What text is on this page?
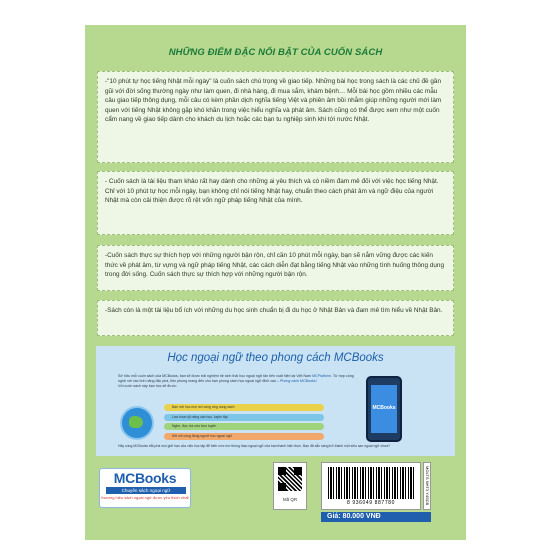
NHỮNG ĐIỂM ĐẶC NỔI BẬT CỦA CUỐN SÁCH

-"10 phút tự học tiếng Nhật mỗi ngày" là cuốn sách chú trọng về giao tiếp. Những bài học trong sách là các chủ đề gần gũi với đời sống thường ngày như làm quen, đi nhà hàng, đi mua sắm, khám bệnh… Mỗi bài học gồm nhiều các mẫu câu giao tiếp thông dụng, mỗi câu có kèm phần dịch nghĩa tiếng Việt và phiên âm bồi nhằm giúp những người mới làm quen với tiếng Nhật không gặp khó khăn trong việc hiểu nghĩa và phát âm. Sách cũng có thể được xem như một cuốn cẩm nang về giao tiếp dành cho khách du lịch hoặc các bạn tu nghiệp sinh khi tới nước Nhật.

- Cuốn sách là tài liệu tham khảo rất hay dành cho những ai yêu thích và có niềm đam mê đối với việc học tiếng Nhật. Chỉ với 10 phút tự học mỗi ngày, bạn không chỉ nói tiếng Nhật hay, chuẩn theo cách phát âm và ngữ điệu của người Nhật mà còn cải thiện được rõ rệt vốn ngữ pháp tiếng Nhật của mình.

-Cuốn sách thực sự thích hợp với những người bận rộn, chỉ cần 10 phút mỗi ngày, bạn sẽ nắm vững được các kiến thức về phát âm, từ vựng và ngữ pháp tiếng Nhật, các cách diễn đạt bằng tiếng Nhật vào những tình huống thông dụng trong đời sống. Cuốn sách thực sự thích hợp với những người bận rộn.

-Sách còn là một tài liệu bổ ích với những du học sinh chuẩn bị đi du học ở Nhật Bản và đam mê tìm hiểu về Nhật Bản.

Học ngoại ngữ theo phong cách MCBooks
Sở hữu mỗi cuốn sách của MCBooks, bạn sẽ được trải nghiệm hệ sinh thái học ngoại ngữ tân tiến xuất hiện tại Việt Nam MCPlatform. Từ hợp công nghệ với các tính năng đặc phá, tiện phong mang đến cho bạn phong cách học ngoại ngữ đỉnh cao – Phong cách MCBooks!
Với cuốn sách này bạn học sẽ được:
Bạn mở học mọi nơi cùng ứng dụng sách
Lựa chọn kỹ năng cần học, luyện tập
Nghe, đọc, tra cứu trực tuyến
Kết nối cộng đồng người học ngoại ngữ
MCBooks
Hãy cùng MCBooks bắt phá mọi giới hạn của việc học tập để biến ước mơ thông thạo ngoại ngữ của bạn thành hiện thực. Bạn đã sẵn sàng trở thành một siêu sao ngoại ngữ chưa?
MCBooks
Chuyên sách ngoại ngữ
thương hiệu sách ngoại ngữ được yêu thích nhất	Mã QR
8 936049 887780	MOLTS NHT3 Y4SCB
Giá: 80.000 VNĐ
